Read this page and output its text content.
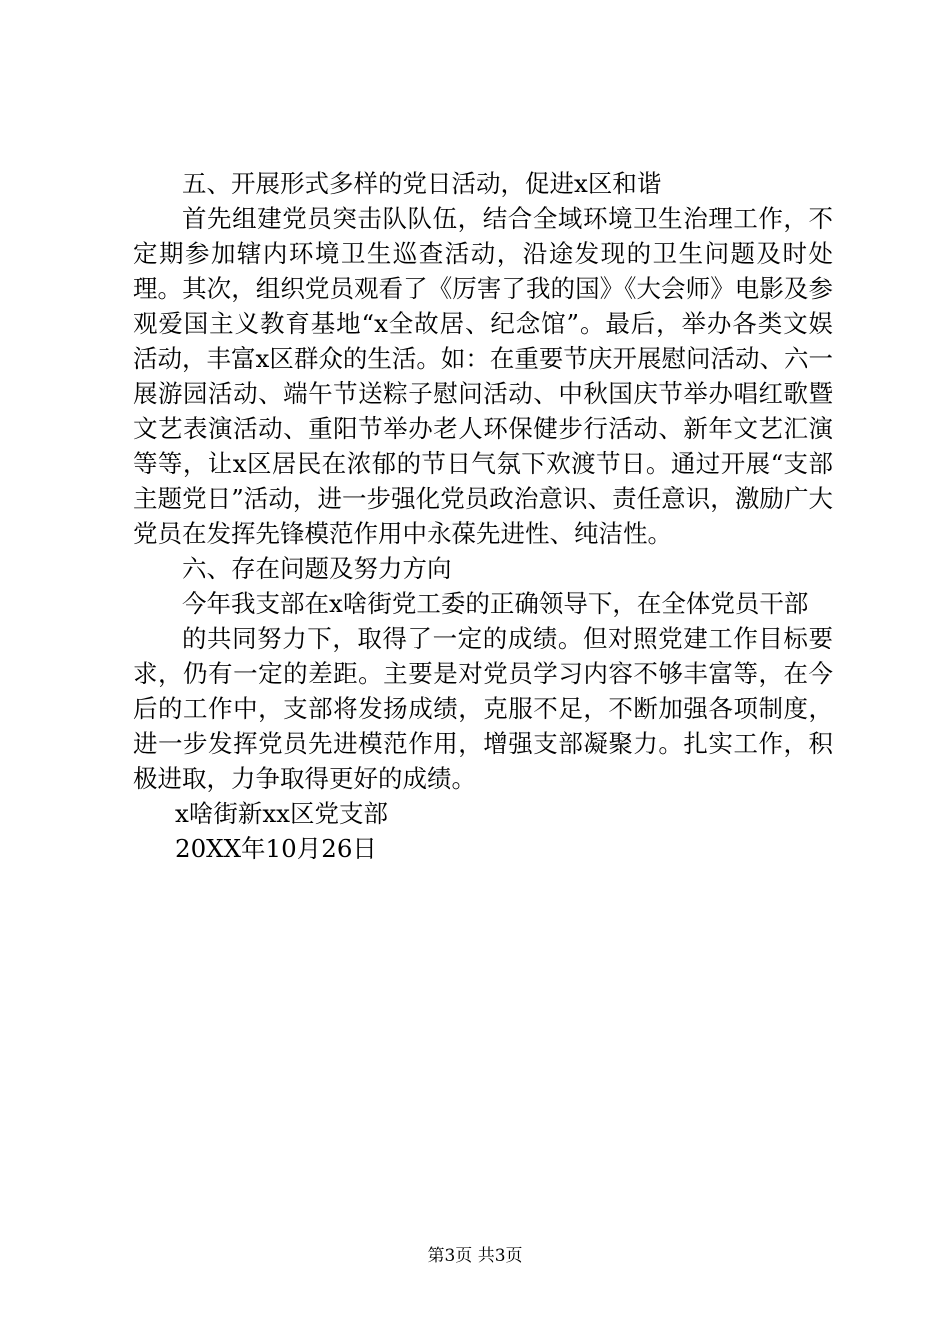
五、开展形式多样的党日活动，促进x区和谐

首先组建党员突击队队伍，结合全域环境卫生治理工作，不定期参加辖内环境卫生巡查活动，沿途发现的卫生问题及时处理。其次，组织党员观看了《厉害了我的国》《大会师》电影及参观爱国主义教育基地“x全故居、纪念馆”。最后，举办各类文娱活动，丰富x区群众的生活。如：在重要节庆开展慰问活动、六一展游园活动、端午节送粽子慰问活动、中秋国庆节举办唱红歌暨文艺表演活动、重阳节举办老人环保健步行活动、新年文艺汇演等等，让x区居民在浓郁的节日气氛下欢渡节日。通过开展“支部主题党日”活动，进一步强化党员政治意识、责任意识，激励广大党员在发挥先锋模范作用中永葆先进性、纯洁性。

六、存在问题及努力方向

今年我支部在x啥街党工委的正确领导下，在全体党员干部

的共同努力下，取得了一定的成绩。但对照党建工作目标要求，仍有一定的差距。主要是对党员学习内容不够丰富等，在今后的工作中，支部将发扬成绩，克服不足，不断加强各项制度，进一步发挥党员先进模范作用，增强支部凝聚力。扎实工作，积极进取，力争取得更好的成绩。

x啥街新xx区党支部

20XX年10月26日

第3页 共3页
